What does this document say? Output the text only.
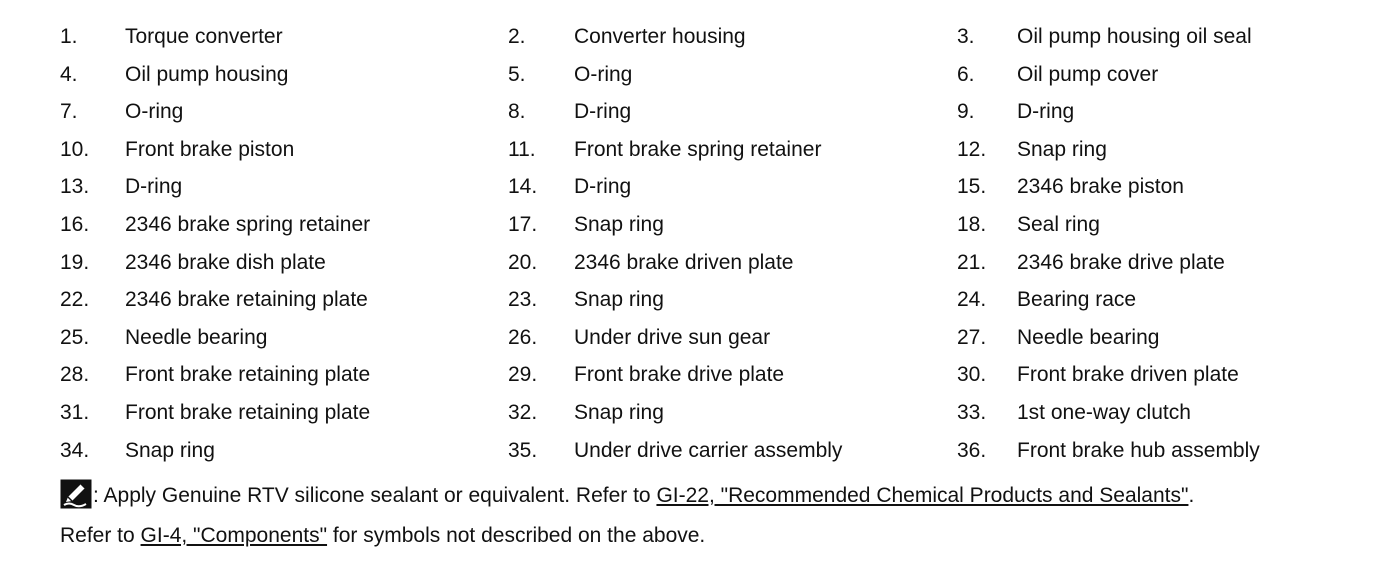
1. Torque converter	2. Converter housing	3. Oil pump housing oil seal
4. Oil pump housing	5. O-ring	6. Oil pump cover
7. O-ring	8. D-ring	9. D-ring
10. Front brake piston	11. Front brake spring retainer	12. Snap ring
13. D-ring	14. D-ring	15. 2346 brake piston
16. 2346 brake spring retainer	17. Snap ring	18. Seal ring
19. 2346 brake dish plate	20. 2346 brake driven plate	21. 2346 brake drive plate
22. 2346 brake retaining plate	23. Snap ring	24. Bearing race
25. Needle bearing	26. Under drive sun gear	27. Needle bearing
28. Front brake retaining plate	29. Front brake drive plate	30. Front brake driven plate
31. Front brake retaining plate	32. Snap ring	33. 1st one-way clutch
34. Snap ring	35. Under drive carrier assembly	36. Front brake hub assembly
: Apply Genuine RTV silicone sealant or equivalent. Refer to GI-22, "Recommended Chemical Products and Sealants".
Refer to GI-4, "Components" for symbols not described on the above.
